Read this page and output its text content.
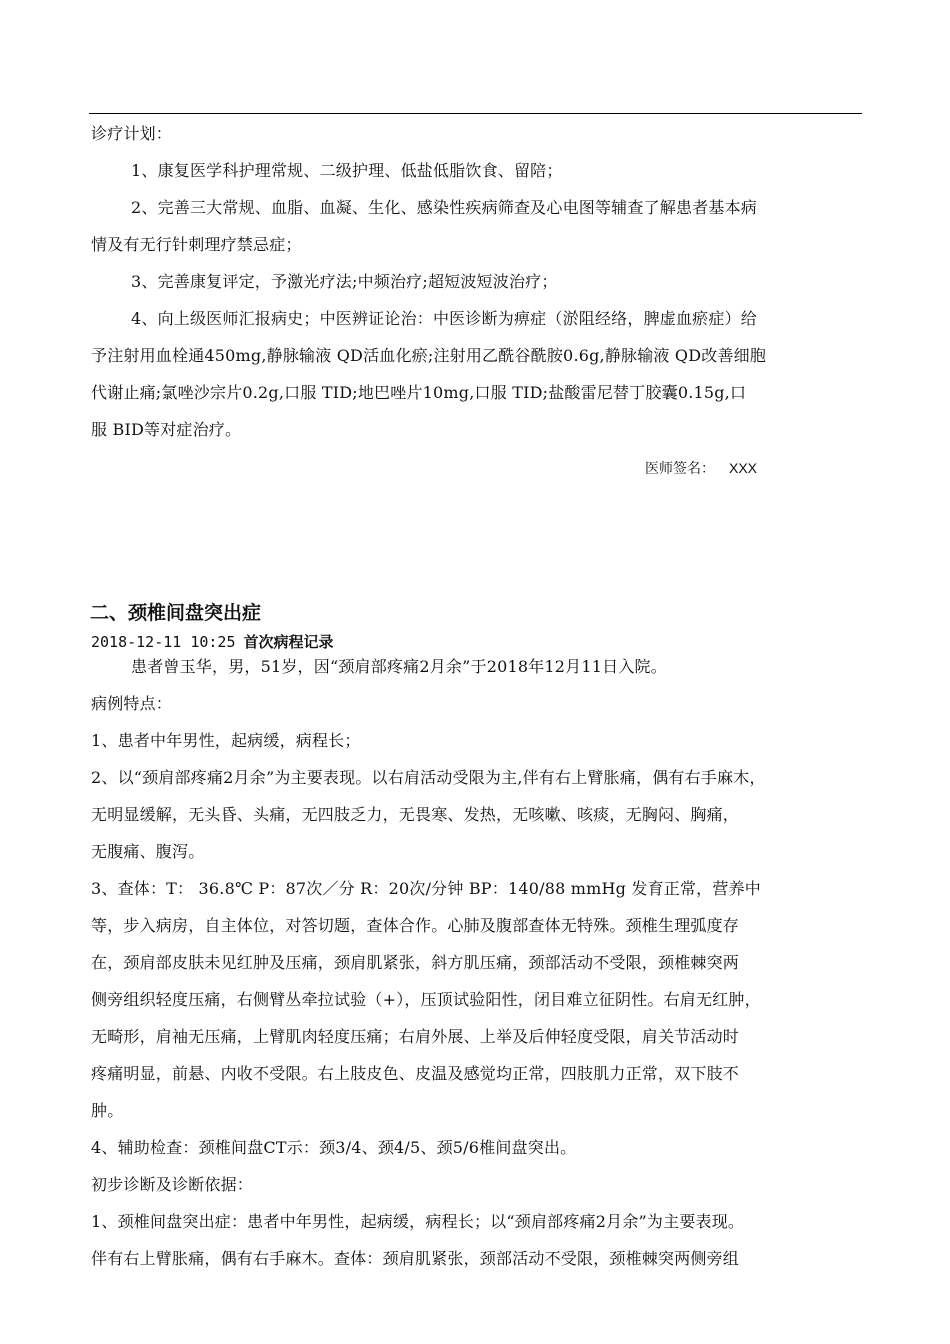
诊疗计划：
1、康复医学科护理常规、二级护理、低盐低脂饮食、留陪；
2、完善三大常规、血脂、血凝、生化、感染性疾病筛查及心电图等辅查了解患者基本病
情及有无行针刺理疗禁忌症；
3、完善康复评定，予激光疗法;中频治疗;超短波短波治疗；
4、向上级医师汇报病史；中医辨证论治：中医诊断为痹症（淤阻经络，脾虚血瘀症）给
予注射用血栓通450mg,静脉输液 QD活血化瘀;注射用乙酰谷酰胺0.6g,静脉输液 QD改善细胞
代谢止痛;氯唑沙宗片0.2g,口服 TID;地巴唑片10mg,口服 TID;盐酸雷尼替丁胶囊0.15g,口
服 BID等对症治疗。
医师签名： XXX
二、颈椎间盘突出症
2018-12-11 10:25 首次病程记录
患者曾玉华，男，51岁，因“颈肩部疼痛2月余”于2018年12月11日入院。
病例特点：
1、患者中年男性，起病缓，病程长；
2、以“颈肩部疼痛2月余”为主要表现。以右肩活动受限为主,伴有右上臂胀痛，偶有右手麻木，
无明显缓解，无头昏、头痛，无四肢乏力，无畏寒、发热，无咳嗽、咳痰，无胸闷、胸痛，
无腹痛、腹泻。
3、查体：T： 36.8℃ P：87次／分 R：20次/分钟 BP：140/88 mmHg 发育正常，营养中
等，步入病房，自主体位，对答切题，查体合作。心肺及腹部查体无特殊。颈椎生理弧度存
在，颈肩部皮肤未见红肿及压痛，颈肩肌紧张，斜方肌压痛，颈部活动不受限，颈椎棘突两
侧旁组织轻度压痛，右侧臂丛牵拉试验（+），压顶试验阳性，闭目难立征阴性。右肩无红肿，
无畸形，肩袖无压痛，上臂肌肉轻度压痛；右肩外展、上举及后伸轻度受限，肩关节活动时
疼痛明显，前悬、内收不受限。右上肢皮色、皮温及感觉均正常，四肢肌力正常，双下肢不
肿。
4、辅助检查：颈椎间盘CT示：颈3/4、颈4/5、颈5/6椎间盘突出。
初步诊断及诊断依据：
1、颈椎间盘突出症：患者中年男性，起病缓，病程长；以“颈肩部疼痛2月余”为主要表现。
伴有右上臂胀痛，偶有右手麻木。查体：颈肩肌紧张，颈部活动不受限，颈椎棘突两侧旁组
